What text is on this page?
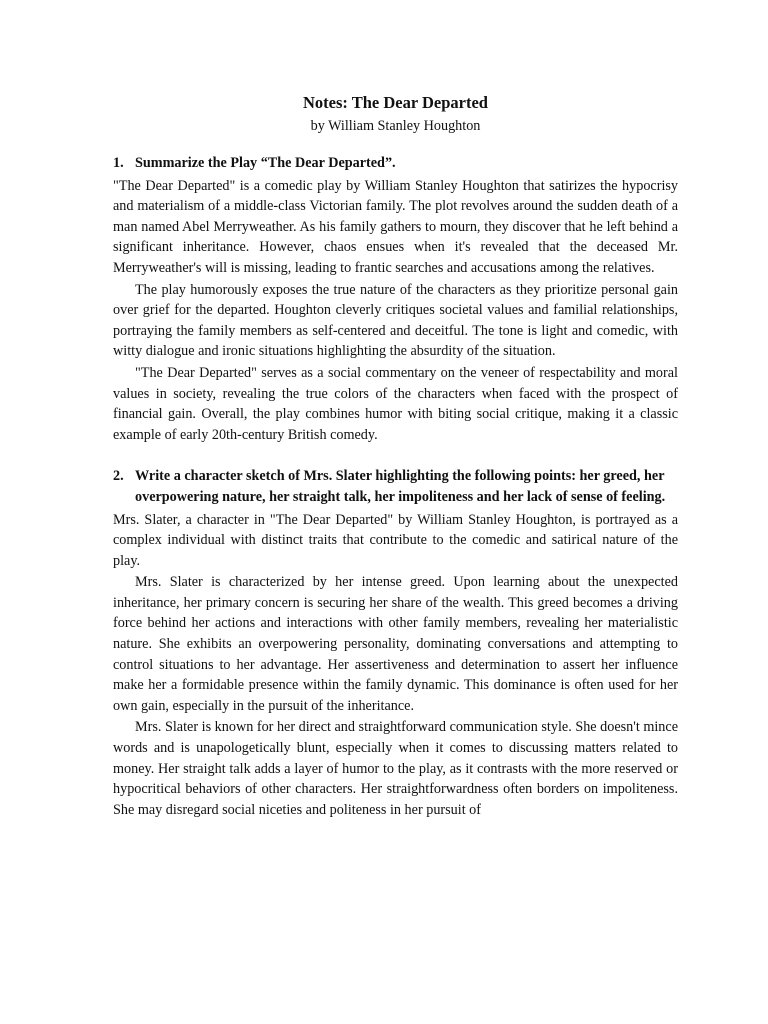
Notes: The Dear Departed
by William Stanley Houghton
1. Summarize the Play “The Dear Departed”.

"The Dear Departed" is a comedic play by William Stanley Houghton that satirizes the hypocrisy and materialism of a middle-class Victorian family. The plot revolves around the sudden death of a man named Abel Merryweather. As his family gathers to mourn, they discover that he left behind a significant inheritance. However, chaos ensues when it's revealed that the deceased Mr. Merryweather's will is missing, leading to frantic searches and accusations among the relatives.

The play humorously exposes the true nature of the characters as they prioritize personal gain over grief for the departed. Houghton cleverly critiques societal values and familial relationships, portraying the family members as self-centered and deceitful. The tone is light and comedic, with witty dialogue and ironic situations highlighting the absurdity of the situation.

"The Dear Departed" serves as a social commentary on the veneer of respectability and moral values in society, revealing the true colors of the characters when faced with the prospect of financial gain. Overall, the play combines humor with biting social critique, making it a classic example of early 20th-century British comedy.

2. Write a character sketch of Mrs. Slater highlighting the following points: her greed, her overpowering nature, her straight talk, her impoliteness and her lack of sense of feeling.

Mrs. Slater, a character in "The Dear Departed" by William Stanley Houghton, is portrayed as a complex individual with distinct traits that contribute to the comedic and satirical nature of the play.

Mrs. Slater is characterized by her intense greed. Upon learning about the unexpected inheritance, her primary concern is securing her share of the wealth. This greed becomes a driving force behind her actions and interactions with other family members, revealing her materialistic nature. She exhibits an overpowering personality, dominating conversations and attempting to control situations to her advantage. Her assertiveness and determination to assert her influence make her a formidable presence within the family dynamic. This dominance is often used for her own gain, especially in the pursuit of the inheritance.

Mrs. Slater is known for her direct and straightforward communication style. She doesn't mince words and is unapologetically blunt, especially when it comes to discussing matters related to money. Her straight talk adds a layer of humor to the play, as it contrasts with the more reserved or hypocritical behaviors of other characters. Her straightforwardness often borders on impoliteness. She may disregard social niceties and politeness in her pursuit of
